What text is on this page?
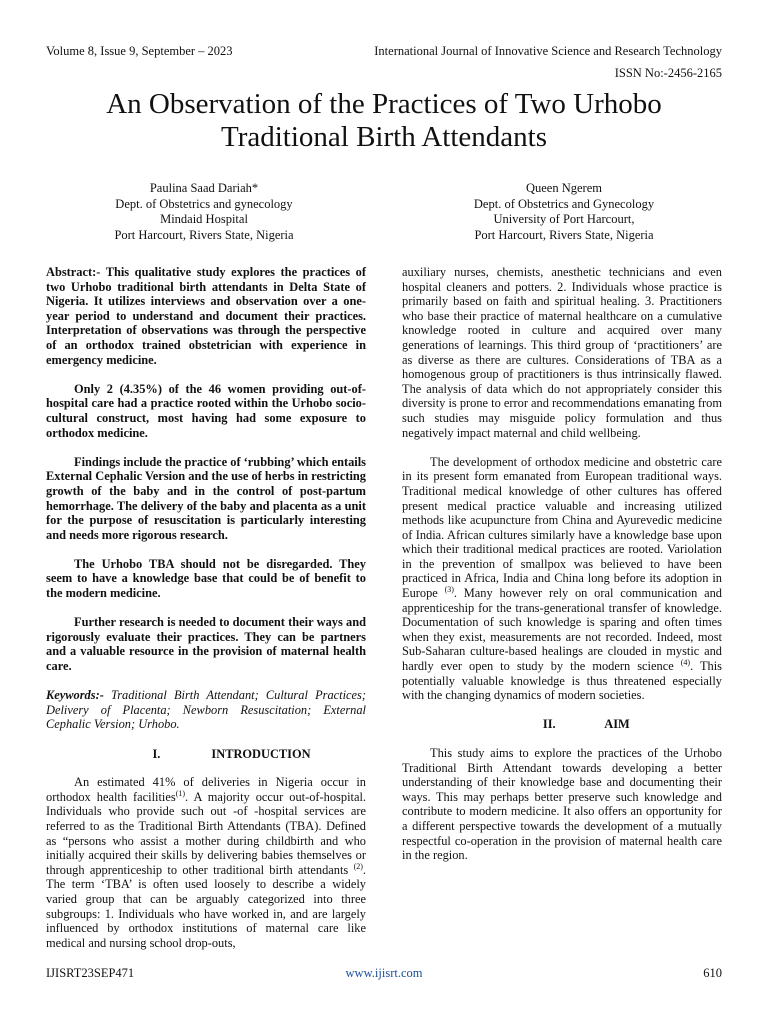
Volume 8, Issue 9, September – 2023	International Journal of Innovative Science and Research Technology
ISSN No:-2456-2165
An Observation of the Practices of Two Urhobo Traditional Birth Attendants
Paulina Saad Dariah*
Dept. of Obstetrics and gynecology
Mindaid Hospital
Port Harcourt, Rivers State, Nigeria
Queen Ngerem
Dept. of Obstetrics and Gynecology
University of Port Harcourt,
Port Harcourt, Rivers State, Nigeria

Abstract:- This qualitative study explores the practices of two Urhobo traditional birth attendants in Delta State of Nigeria. It utilizes interviews and observation over a one-year period to understand and document their practices. Interpretation of observations was through the perspective of an orthodox trained obstetrician with experience in emergency medicine.

Only 2 (4.35%) of the 46 women providing out-of-hospital care had a practice rooted within the Urhobo socio-cultural construct, most having had some exposure to orthodox medicine.

Findings include the practice of ‘rubbing’ which entails External Cephalic Version and the use of herbs in restricting growth of the baby and in the control of post-partum hemorrhage. The delivery of the baby and placenta as a unit for the purpose of resuscitation is particularly interesting and needs more rigorous research.

The Urhobo TBA should not be disregarded. They seem to have a knowledge base that could be of benefit to the modern medicine.

Further research is needed to document their ways and rigorously evaluate their practices. They can be partners and a valuable resource in the provision of maternal health care.

Keywords:- Traditional Birth Attendant; Cultural Practices; Delivery of Placenta; Newborn Resuscitation; External Cephalic Version; Urhobo.

I.	INTRODUCTION

An estimated 41% of deliveries in Nigeria occur in orthodox health facilities$^{(1)}$. A majority occur out-of-hospital. Individuals who provide such out -of -hospital services are referred to as the Traditional Birth Attendants (TBA). Defined as “persons who assist a mother during childbirth and who initially acquired their skills by delivering babies themselves or through apprenticeship to other traditional birth attendants $^{(2)}$. The term ‘TBA’ is often used loosely to describe a widely varied group that can be arguably categorized into three subgroups: 1. Individuals who have worked in, and are largely influenced by orthodox institutions of maternal care like medical and nursing school drop-outs,

auxiliary nurses, chemists, anesthetic technicians and even hospital cleaners and potters. 2. Individuals whose practice is primarily based on faith and spiritual healing. 3. Practitioners who base their practice of maternal healthcare on a cumulative knowledge rooted in culture and acquired over many generations of learnings. This third group of ‘practitioners’ are as diverse as there are cultures. Considerations of TBA as a homogenous group of practitioners is thus intrinsically flawed. The analysis of data which do not appropriately consider this diversity is prone to error and recommendations emanating from such studies may misguide policy formulation and thus negatively impact maternal and child wellbeing.

The development of orthodox medicine and obstetric care in its present form emanated from European traditional ways. Traditional medical knowledge of other cultures has offered present medical practice valuable and increasing utilized methods like acupuncture from China and Ayurevedic medicine of India. African cultures similarly have a knowledge base upon which their traditional medical practices are rooted. Variolation in the prevention of smallpox was believed to have been practiced in Africa, India and China long before its adoption in Europe $^{(3)}$. Many however rely on oral communication and apprenticeship for the trans-generational transfer of knowledge. Documentation of such knowledge is sparing and often times when they exist, measurements are not recorded. Indeed, most Sub-Saharan culture-based healings are clouded in mystic and hardly ever open to study by the modern science $^{(4)}$. This potentially valuable knowledge is thus threatened especially with the changing dynamics of modern societies.

II.	AIM

This study aims to explore the practices of the Urhobo Traditional Birth Attendant towards developing a better understanding of their knowledge base and documenting their ways. This may perhaps better preserve such knowledge and contribute to modern medicine. It also offers an opportunity for a different perspective towards the development of a mutually respectful co-operation in the provision of maternal health care in the region.

IJISRT23SEP471	www.ijisrt.com	610
